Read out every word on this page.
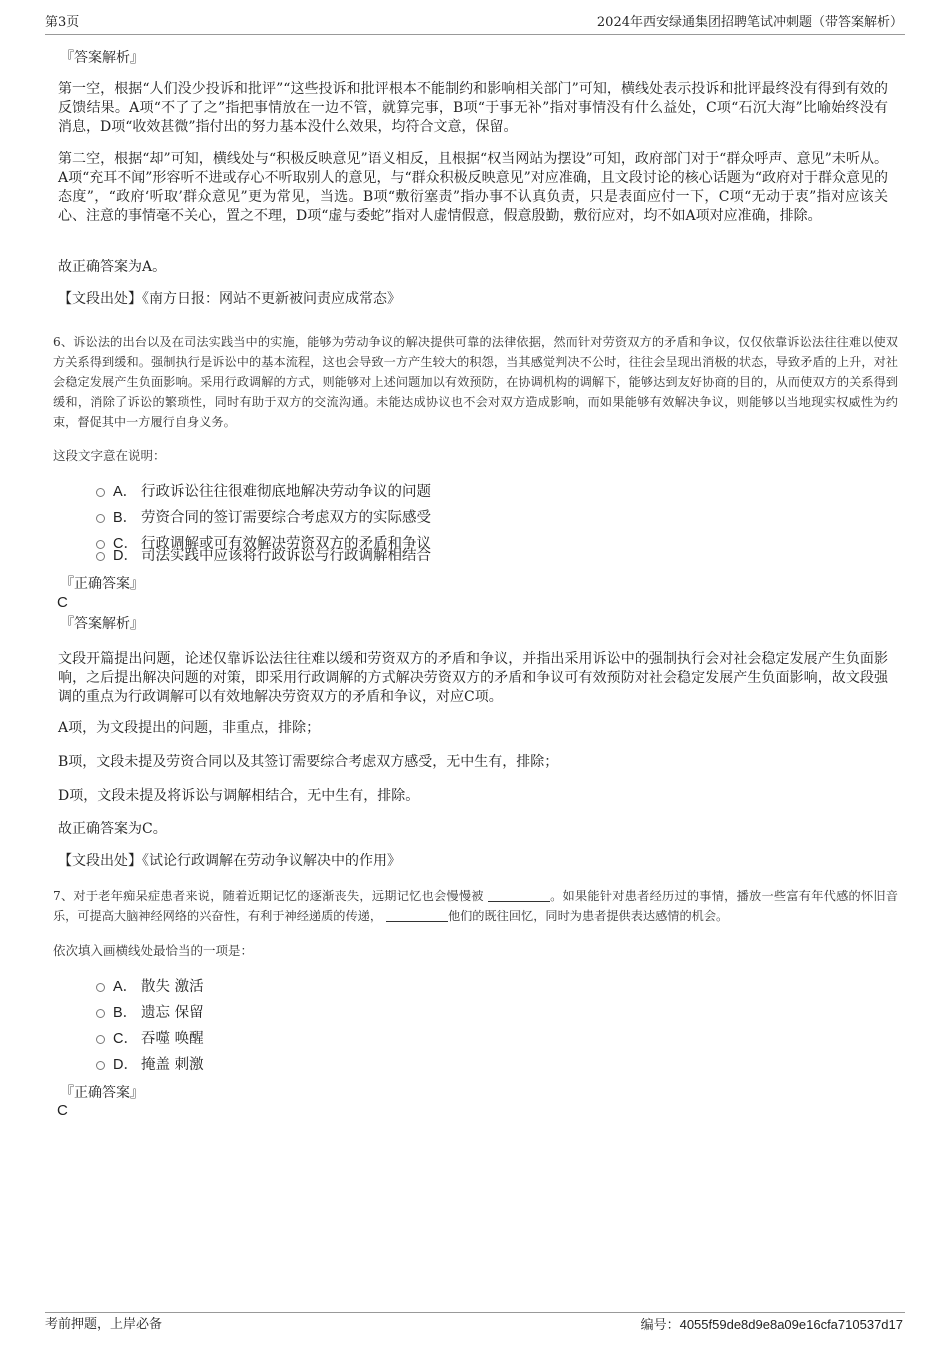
第3页	2024年西安绿通集团招聘笔试冲刺题（带答案解析）
『答案解析』
第一空，根据“人们没少投诉和批评”“这些投诉和批评根本不能制约和影响相关部门”可知，横线处表示投诉和批评最终没有得到有效的反馈结果。A项“不了了之”指把事情放在一边不管，就算完事，B项“于事无补”指对事情没有什么益处，C项“石沉大海”比喻始终没有消息，D项“收效甚微”指付出的努力基本没什么效果，均符合文意，保留。
第二空，根据“却”可知，横线处与“积极反映意见”语义相反，且根据“权当网站为摆设”可知，政府部门对于“群众呼声、意见”未听从。A项“充耳不闻”形容听不进或存心不听取别人的意见，与“群众积极反映意见”对应准确，且文段讨论的核心话题为“政府对于群众意见的态度”，“政府‘听取’群众意见”更为常见，当选。B项“敷衍塞责”指办事不认真负责，只是表面应付一下，C项“无动于衷”指对应该关心、注意的事情毫不关心，置之不理，D项“虚与委蛇”指对人虚情假意，假意殷勤，敷衍应对，均不如A项对应准确，排除。
故正确答案为A。
【文段出处】《南方日报：网站不更新被问责应成常态》
6、诉讼法的出台以及在司法实践当中的实施，能够为劳动争议的解决提供可靠的法律依据，然而针对劳资双方的矛盾和争议，仅仅依靠诉讼法往往难以使双方关系得到缓和。强制执行是诉讼中的基本流程，这也会导致一方产生较大的积怨，当其感觉判决不公时，往往会呈现出消极的状态，导致矛盾的上升，对社会稳定发展产生负面影响。采用行政调解的方式，则能够对上述问题加以有效预防，在协调机构的调解下，能够达到友好协商的目的，从而使双方的关系得到缓和，消除了诉讼的繁琐性，同时有助于双方的交流沟通。未能达成协议也不会对双方造成影响，而如果能够有效解决争议，则能够以当地现实权威性为约束，督促其中一方履行自身义务。
这段文字意在说明：
A． 行政诉讼往往很难彻底地解决劳动争议的问题
B． 劳资合同的签订需要综合考虑双方的实际感受
C． 行政调解或可有效解决劳资双方的矛盾和争议
D． 司法实践中应该将行政诉讼与行政调解相结合
『正确答案』
C
『答案解析』
文段开篇提出问题，论述仅靠诉讼法往往难以缓和劳资双方的矛盾和争议，并指出采用诉讼中的强制执行会对社会稳定发展产生负面影响，之后提出解决问题的对策，即采用行政调解的方式解决劳资双方的矛盾和争议可有效预防对社会稳定发展产生负面影响，故文段强调的重点为行政调解可以有效地解决劳资双方的矛盾和争议，对应C项。
A项，为文段提出的问题，非重点，排除；
B项，文段未提及劳资合同以及其签订需要综合考虑双方感受，无中生有，排除；
D项，文段未提及将诉讼与调解相结合，无中生有，排除。
故正确答案为C。
【文段出处】《试论行政调解在劳动争议解决中的作用》
7、对于老年痴呆症患者来说，随着近期记忆的逐渐丧失，远期记忆也会慢慢被	。如果能针对患者经历过的事情，播放一些富有年代感的怀旧音乐，可提高大脑神经网络的兴奋性，有利于神经递质的传递，	他们的既往回忆，同时为患者提供表达感情的机会。
依次填入画横线处最恰当的一项是：
A． 散失 激活
B． 遗忘 保留
C． 吞噬 唤醒
D． 掩盖 刺激
『正确答案』
C
考前押题，上岸必备	编号：4055f59de8d9e8a09e16cfa710537d17
